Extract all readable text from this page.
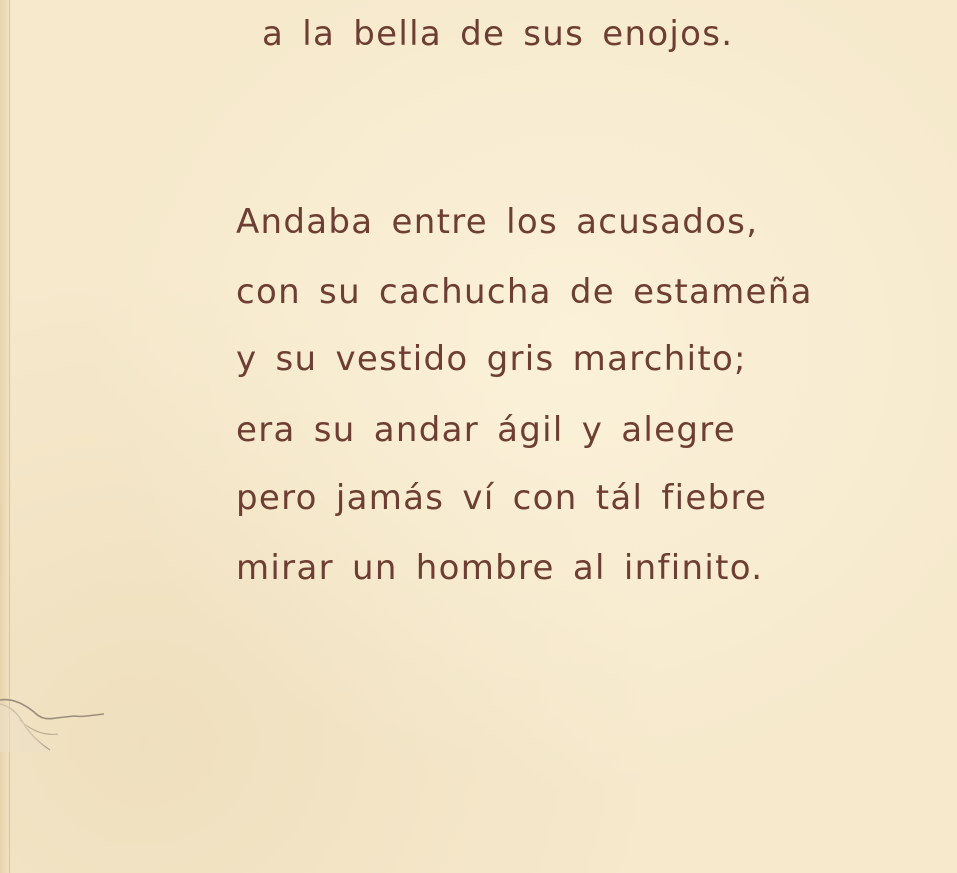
a la bella de sus enojos.

Andaba entre los acusados,

con su cachucha de estameña

y su vestido gris marchito;

era su andar ágil y alegre

pero jamás ví con tál fiebre

mirar un hombre al infinito.
